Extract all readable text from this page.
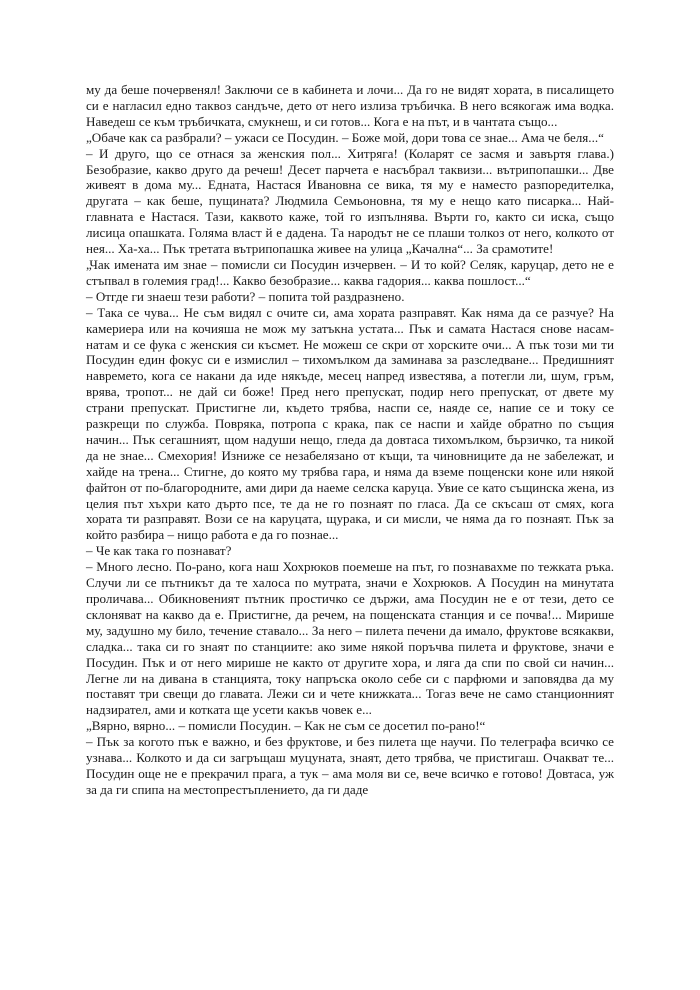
му да беше почервенял! Заключи се в кабинета и лочи... Да го не видят хората, в писалището си е нагласил едно таквоз сандъче, дето от него излиза тръбичка. В него всякогаж има водка. Наведеш се към тръбичката, смукнеш, и си готов... Кога е на път, и в чантата също...

„Обаче как са разбрали? – ужаси се Посудин. – Боже мой, дори това се знае... Ама че беля...“

– И друго, що се отнася за женския пол... Хитряга! (Коларят се засмя и завъртя глава.) Безобразие, какво друго да речеш! Десет парчета е насъбрал таквизи... вътрипопашки... Две живеят в дома му... Едната, Настася Ивановна се вика, тя му е наместо разпоредителка, другата – как беше, пущината? Людмила Семьоновна, тя му е нещо като писарка... Най-главната е Настася. Тази, каквото каже, той го изпълнява. Върти го, както си иска, също лисица опашката. Голяма власт й е дадена. Та народът не се плаши толкоз от него, колкото от нея... Ха-ха... Пък третата вътрипопашка живее на улица „Качална“... За срамотите!

„Чак имената им знае – помисли си Посудин изчервен. – И то кой? Селяк, каруцар, дето не е стъпвал в големия град!... Какво безобразие... каква гадория... каква пошлост...“

– Отгде ги знаеш тези работи? – попита той раздразнено.

– Така се чува... Не съм видял с очите си, ама хората разправят. Как няма да се разчуе? На камериера или на кочияша не мож му затъкна устата... Пък и самата Настася снове насам-натам и се фука с женския си късмет. Не можеш се скри от хорските очи... А пък този ми ти Посудин един фокус си е измислил – тихомълком да заминава за разследване... Предишният навремето, кога се накани да иде някъде, месец напред известява, а потегли ли, шум, гръм, врява, тропот... не дай си боже! Пред него препускат, подир него препускат, от двете му страни препускат. Пристигне ли, където трябва, наспи се, наяде се, напие се и току се разкрещи по служба. Повряка, потропа с крака, пак се наспи и хайде обратно по същия начин... Пък сегашният, щом надуши нещо, гледа да довтаса тихомълком, бързичко, та никой да не знае... Смехория! Изниже се незабелязано от къщи, та чиновниците да не забележат, и хайде на трена... Стигне, до която му трябва гара, и няма да вземе пощенски коне или някой файтон от по-благородните, ами дири да наеме селска каруца. Увие се като същинска жена, из целия път хъхри като дърто псе, те да не го познаят по гласа. Да се скъсаш от смях, кога хората ти разправят. Вози се на каруцата, щурака, и си мисли, че няма да го познаят. Пък за който разбира – нищо работа е да го познае...

– Че как така го познават?

– Много лесно. По-рано, кога наш Хохрюков поемеше на път, го познавахме по тежката ръка. Случи ли се пътникът да те халоса по мутрата, значи е Хохрюков. А Посудин на минутата проличава... Обикновеният пътник простичко се държи, ама Посудин не е от тези, дето се склоняват на какво да е. Пристигне, да речем, на пощенската станция и се почва!... Мирише му, задушно му било, течение ставало... За него – пилета печени да имало, фруктове всякакви, сладка... така си го знаят по станциите: ако зиме някой поръчва пилета и фруктове, значи е Посудин. Пък и от него мирише не както от другите хора, и ляга да спи по свой си начин... Легне ли на дивана в станцията, току напръска около себе си с парфюми и заповядва да му поставят три свещи до главата. Лежи си и чете книжката... Тогаз вече не само станционният надзирател, ами и котката ще усети какъв човек е...

„Вярно, вярно... – помисли Посудин. – Как не съм се досетил по-рано!“

– Пък за когото пък е важно, и без фруктове, и без пилета ще научи. По телеграфа всичко се узнава... Колкото и да си загръщаш муцуната, знаят, дето трябва, че пристигаш. Очакват те... Посудин още не е прекрачил прага, а тук – ама моля ви се, вече всичко е готово! Довтаса, уж за да ги спипа на местопрестъплението, да ги даде
